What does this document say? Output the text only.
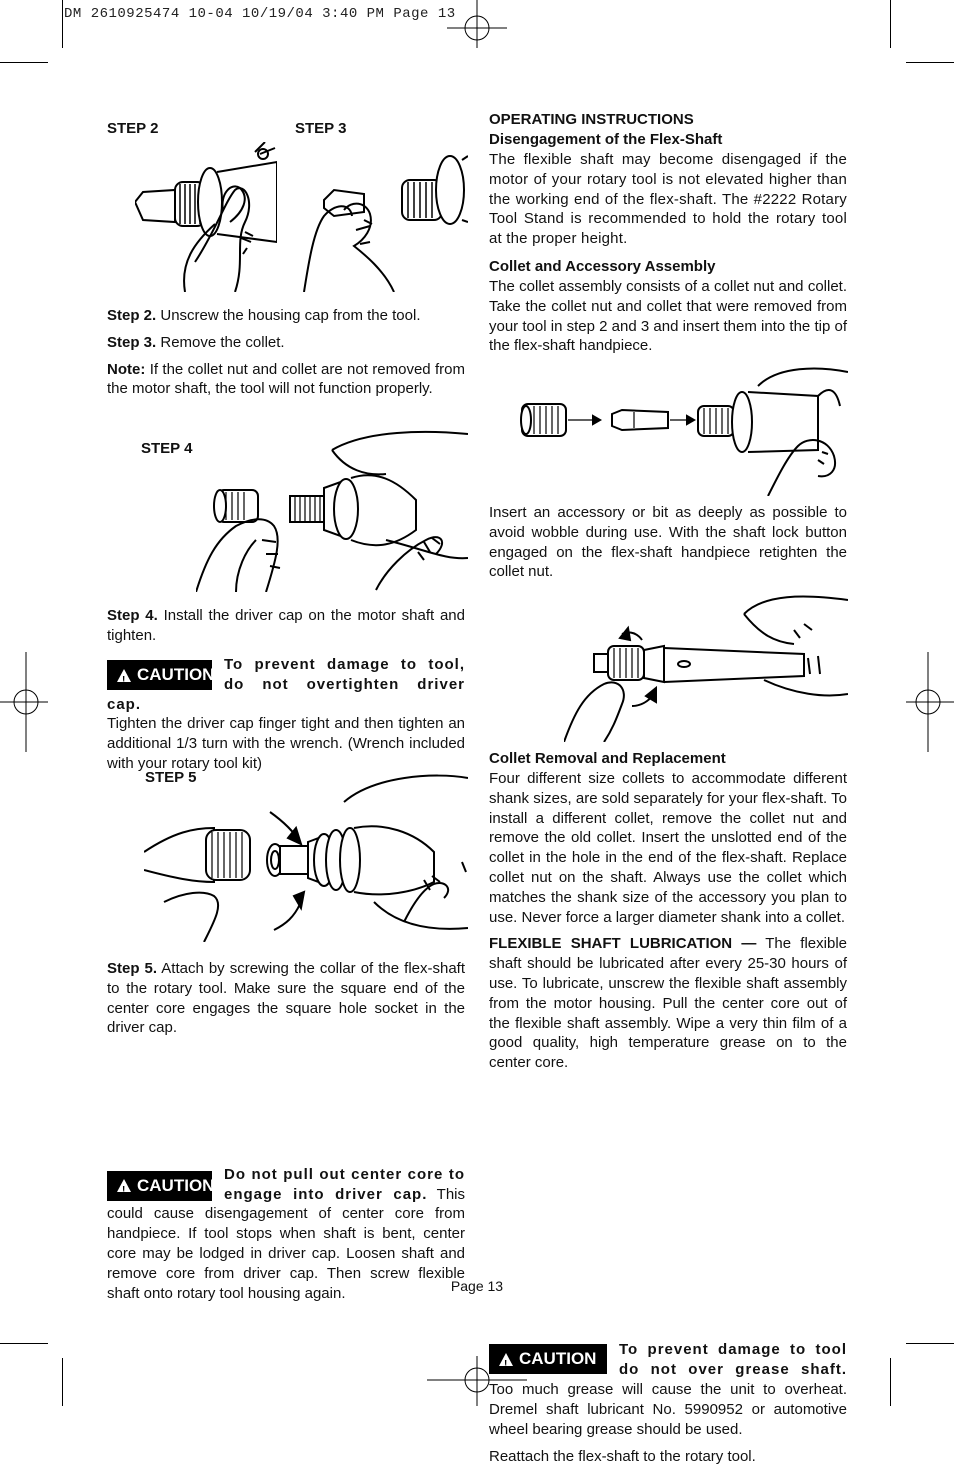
DM 2610925474 10-04 10/19/04 3:40 PM Page 13
STEP 2	STEP 3

Step 2. Unscrew the housing cap from the tool.

Step 3. Remove the collet.

Note: If the collet nut and collet are not removed from the motor shaft, the tool will not function properly.

STEP 4

Step 4. Install the driver cap on the motor shaft and tighten.

! CAUTION

To prevent damage to tool, do not overtighten driver cap.

Tighten the driver cap finger tight and then tighten an additional 1/3 turn with the wrench. (Wrench included with your rotary tool kit)

STEP 5

Step 5. Attach by screwing the collar of the flex-shaft to the rotary tool. Make sure the square end of the center core engages the square hole socket in the driver cap.

! CAUTION

Do not pull out center core to engage into driver cap. This could cause disengagement of center core from handpiece. If tool stops when shaft is bent, center core may be lodged in driver cap. Loosen shaft and remove core from driver cap. Then screw flexible shaft onto rotary tool housing again.

OPERATING INSTRUCTIONS

Disengagement of the Flex-Shaft

The flexible shaft may become disengaged if the motor of your rotary tool is not elevated higher than the working end of the flex-shaft. The #2222 Rotary Tool Stand is recommended to hold the rotary tool at the proper height.

Collet and Accessory Assembly

The collet assembly consists of a collet nut and collet. Take the collet nut and collet that were removed from your tool in step 2 and 3 and insert them into the tip of the flex-shaft handpiece.

Insert an accessory or bit as deeply as possible to avoid wobble during use. With the shaft lock button engaged on the flex-shaft handpiece retighten the collet nut.

Collet Removal and Replacement

Four different size collets to accommodate different shank sizes, are sold separately for your flex-shaft. To install a different collet, remove the collet nut and remove the old collet. Insert the unslotted end of the collet in the hole in the end of the flex-shaft. Replace collet nut on the shaft. Always use the collet which matches the shank size of the accessory you plan to use. Never force a larger diameter shank into a collet.

FLEXIBLE SHAFT LUBRICATION — The flexible shaft should be lubricated after every 25-30 hours of use. To lubricate, unscrew the flexible shaft assembly from the motor housing. Pull the center core out of the flexible shaft assembly. Wipe a very thin film of a good quality, high temperature grease on to the center core.

! CAUTION	To prevent damage to tool do not over grease shaft. Too much grease will cause the unit to overheat. Dremel shaft lubricant No. 5990952 or automotive wheel bearing grease should be used.

Reattach the flex-shaft to the rotary tool.

Page 13
